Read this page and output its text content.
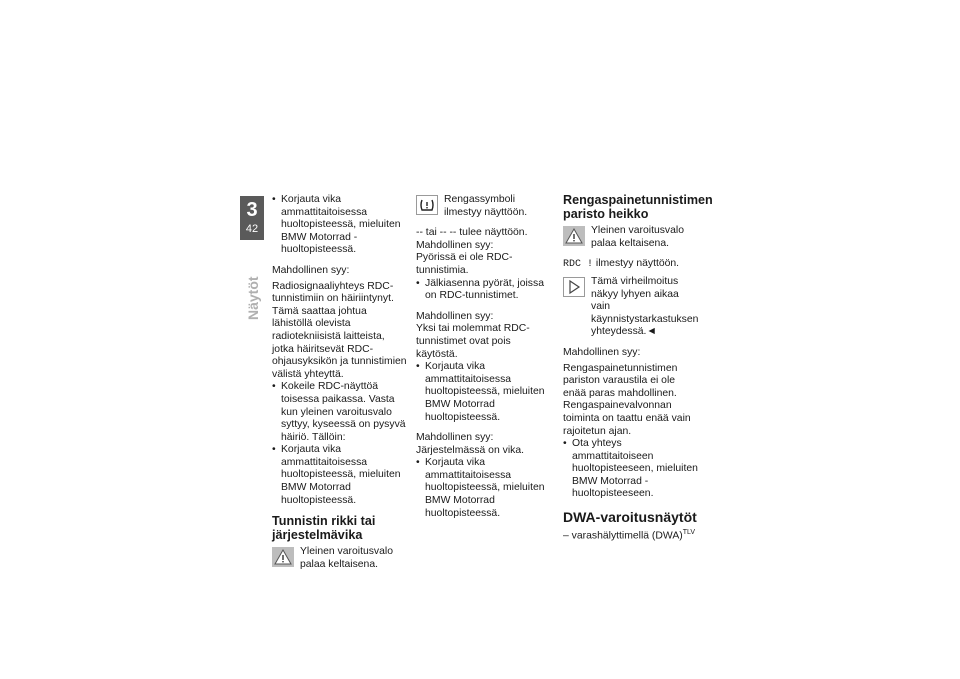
3
42
Näytöt

• Korjauta vika ammattitaitoisessa huoltopisteessä, mieluiten BMW Motorrad -huoltopisteessä.

Mahdollinen syy:

Radiosignaaliyhteys RDC-tunnistimiin on häiriintynyt. Tämä saattaa johtua lähistöllä olevista radiotekniisistä laitteista, jotka häiritsevät RDC-ohjausyksikön ja tunnistimien välistä yhteyttä.

• Kokeile RDC-näyttöä toisessa paikassa. Vasta kun yleinen varoitusvalo syttyy, kyseessä on pysyvä häiriö. Tällöin:

• Korjauta vika ammattitaitoisessa huoltopisteessä, mieluiten BMW Motorrad huoltopisteessä.

Tunnistin rikki tai järjestelmävika

Yleinen varoitusvalo palaa keltaisena.

Rengassymboli ilmestyy näyttöön.

-- tai -- -- tulee näyttöön.

Mahdollinen syy:

Pyörissä ei ole RDC-tunnistimia.

• Jälkiasenna pyörät, joissa on RDC-tunnistimet.

Mahdollinen syy:

Yksi tai molemmat RDC-tunnistimet ovat pois käytöstä.

• Korjauta vika ammattitaitoisessa huoltopisteessä, mieluiten BMW Motorrad huoltopisteessä.

Mahdollinen syy:

Järjestelmässä on vika.

• Korjauta vika ammattitaitoisessa huoltopisteessä, mieluiten BMW Motorrad huoltopisteessä.

Rengaspainetunnistimen paristo heikko

Yleinen varoitusvalo palaa keltaisena.

RDC ! ilmestyy näyttöön.

Tämä virheilmoitus näkyy lyhyen aikaa vain käynnistystarkastuksen yhteydessä.◄

Mahdollinen syy:

Rengaspainetunnistimen pariston varaustila ei ole enää paras mahdollinen. Rengaspainevalvonnan toiminta on taattu enää vain rajoitetun ajan.

• Ota yhteys ammattitaitoiseen huoltopisteeseen, mieluiten BMW Motorrad -huoltopisteeseen.

DWA-varoitusnäytöt

– varashälyttimellä (DWA)$^{TLV}$
